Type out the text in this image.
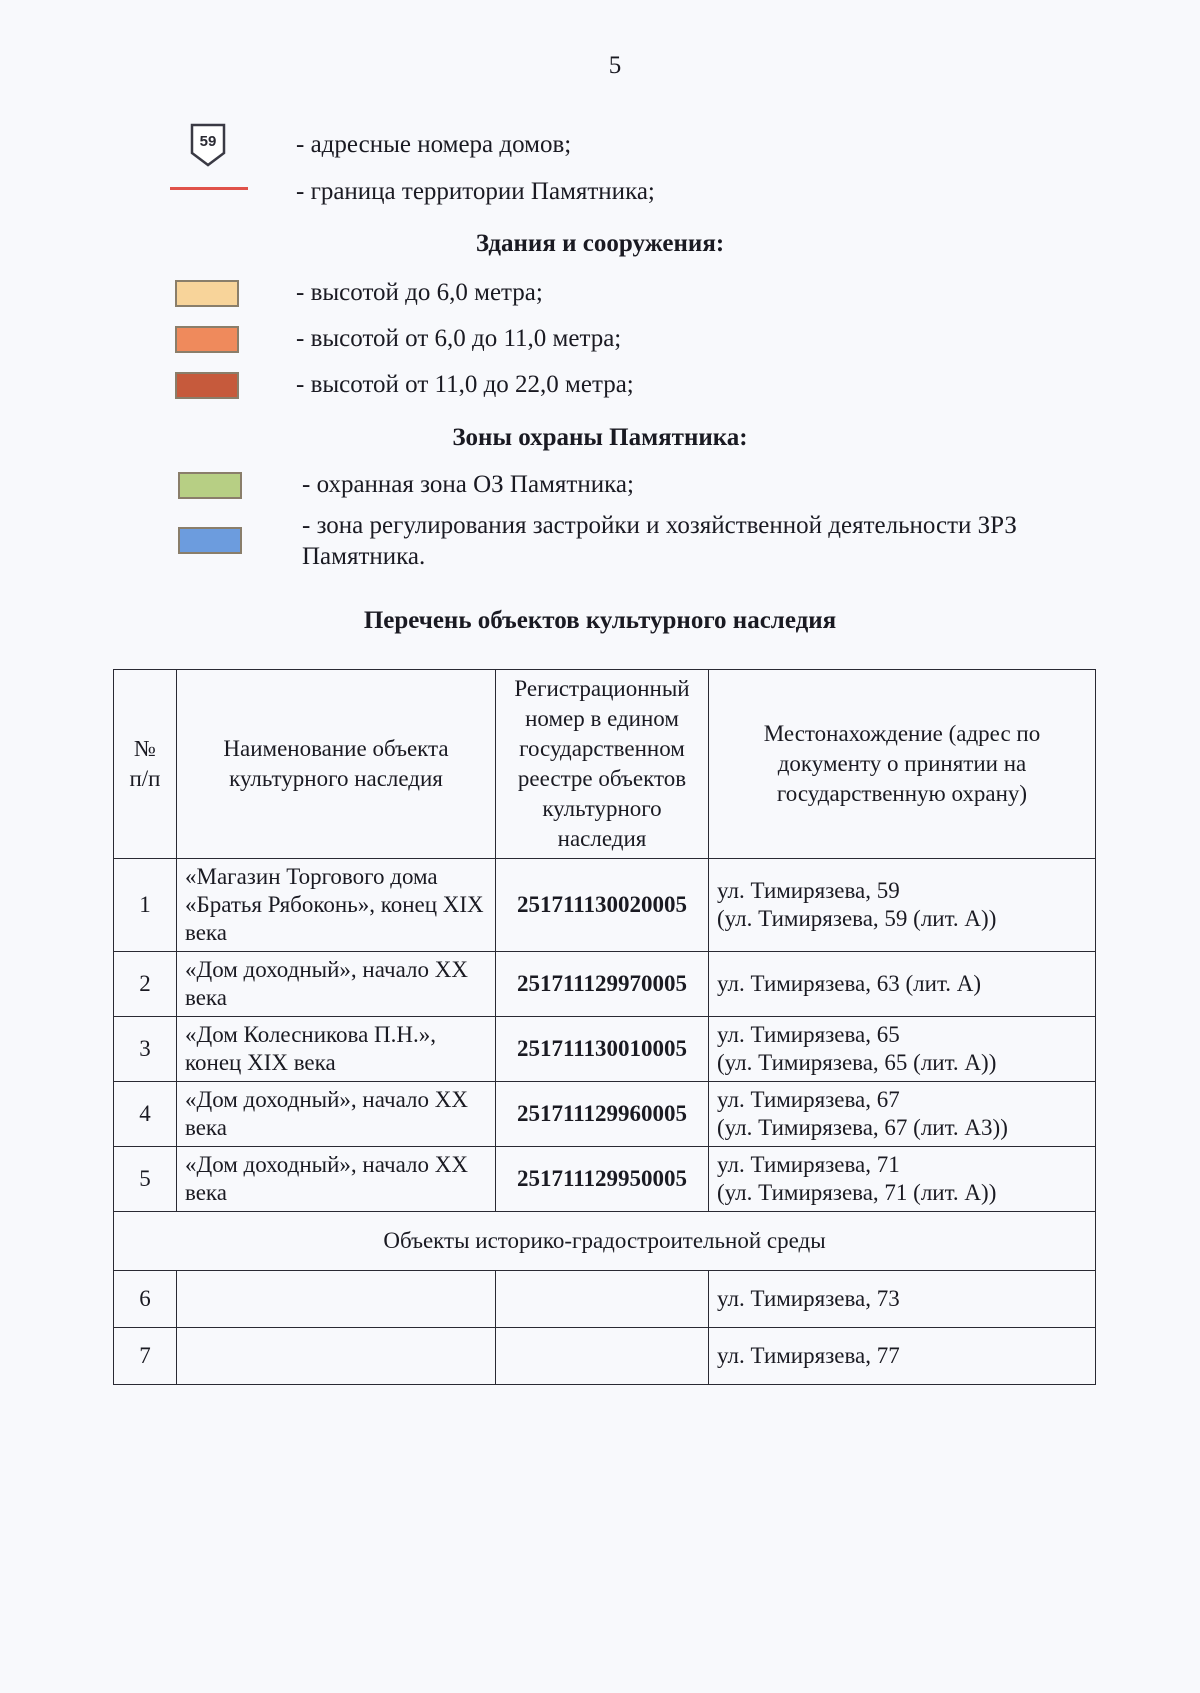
5
59	- адресные номера домов;
- граница территории Памятника;
Здания и сооружения:
- высотой до 6,0 метра;
- высотой от 6,0 до 11,0 метра;
- высотой от 11,0 до 22,0 метра;
Зоны охраны Памятника:
- охранная зона ОЗ Памятника;
- зона регулирования застройки и хозяйственной деятельности ЗРЗ Памятника.
Перечень объектов культурного наследия
№ п/п	Наименование объекта культурного наследия	Регистрационный номер в едином государственном реестре объектов культурного наследия	Местонахождение (адрес по документу о принятии на государственную охрану)
1	«Магазин Торгового дома «Братья Рябоконь», конец XIX века	251711130020005	ул. Тимирязева, 59
(ул. Тимирязева, 59 (лит. А))

2	«Дом доходный», начало XX века	251711129970005	ул. Тимирязева, 63 (лит. А)

3	«Дом Колесникова П.Н.», конец XIX века	251711130010005	ул. Тимирязева, 65
(ул. Тимирязева, 65 (лит. А))

4	«Дом доходный», начало XX века	251711129960005	ул. Тимирязева, 67
(ул. Тимирязева, 67 (лит. А3))

5	«Дом доходный», начало XX века	251711129950005	ул. Тимирязева, 71
(ул. Тимирязева, 71 (лит. А))

Объекты историко-градостроительной среды			
6			ул. Тимирязева, 73
7			ул. Тимирязева, 77
